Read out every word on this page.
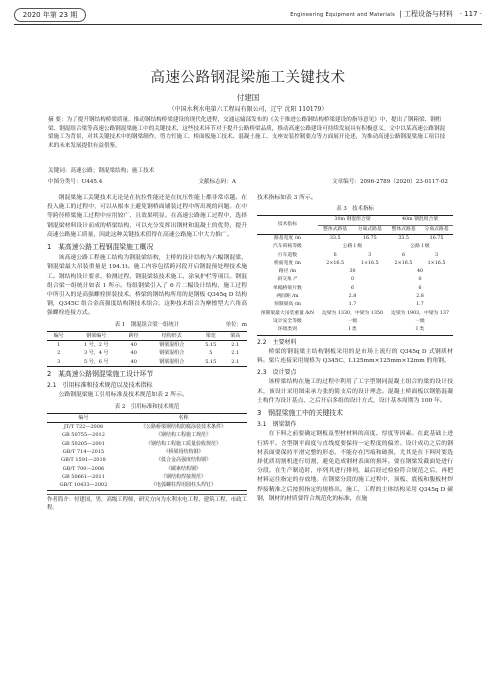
2020 年第 23 期	Engineering Equipment and Materials  | 工程设备与材料 · 117 ·
高速公路钢混梁施工关键技术
付建国
（中国水利水电第六工程局有限公司，辽宁 沈阳 110179）
摘 要：为了提升钢结构桥梁质量，推动钢结构桥梁建设的现代化进程，交通运输部发布的《关于推进公路钢结构桥梁建设的指导意见》中，提出了钢箱梁、钢桁梁、钢混组合梁等高速公路钢混梁施工中的关键技术，这些技术环节对于提升公路桥梁品质，推动高速公路建设可持续发展具有积极意义。文中以某高速公路钢混梁施工为背景，对其关键技术中的钢梁制作、剪力钉施工、桥面板施工技术、混凝土施工、支座安装控制要点等方面展开论述，为推动高速公路钢混梁施工项目技术的未来发展提供有益借鉴。
关键词：高速公路；钢混梁结构；施工技术
中图分类号：U445.4	文献标志码：A	文章编号：2096-2789（2020）23-0117-02

钢混梁施工关键技术无论是在抗拉性能还是在抗压性能上都非常卓越。在投入施工的过程中，可以从根本上避免钢桥面铺装过程中所出现的问题。在中等跨径桥梁施工过程中应用较广，且效果明显。在高速公路施工过程中，选择钢混梁材料设计而成的桥梁结构，可以充分发挥出钢材和混凝土的优势，提升高速公路施工质量，因此这种关键技术值得在高速公路施工中大力推广。

1　某高速公路工程钢混梁施工概况

该高速公路工程施工结构为钢混梁结构，主桥的设计结构为六幅钢混梁，钢混梁最大吊装重量是 194.1t。施工内容包括跨河段开启钢混预处理技术施工。钢结构设计要求、检测过程、钢混梁装技术施工、涂氧护栏等项目。钢混组合梁一组统计如表 1 所示。每组钢梁引入了 6 片二幅设计结构，施工过程中所引入的是高强螺栓拼装技术。桥梁的钢结构所用的是钢板 Q345q D 结构钢，Q345C 组合金高强度结构钢技术组合，这种技术组合为摩擦型大六角高强螺栓连接方式。

表 1　钢混组合梁一组统计	单位：m
编号	钢梁编号	跨径	结构形式	梁宽	梁高
1	1 号、2 号	40	钢梁混组合	5.15	2.1
2	3 号、4 号	40	钢梁混组合	5	2.1
3	5 号、6 号	40	钢梁混组合	5.15	2.1
2　某高速公路钢混梁施工设计环节
2.1　引用标准和技术规范以及技术指标

公路钢混梁施工引用标准及技术规范如表 2 所示。

表 2　引用标准和技术规范
编号	名称
JT/T 722—2008	《公路桥梁钢结构防腐涂装技术条件》
GB 50755—2012	《钢结构工程施工规范》
GB 50205—2001	《钢结构工程施工质量验收规范》
GB/T 714—2015	《桥梁用结构钢》
GB/T 1591—2018	《低合金高强度结构钢》
GB/T 700—2006	《碳素结构钢》
GB 50661—2011	《钢结构焊接规范》
GB/T 10433—2002	《电弧螺柱焊用圆柱头焊钉》

作者简介：付建国，男，高级工程师，研究方向为水利水电工程、建筑工程、市政工程。

技术指标如表 3 所示。

表 3　技术指标
技术指标	30m 钢混组合梁		40m 钢混组合梁	
	整体式路基	分离式路基	整体式路基	分离式路基
路基宽度 /m	33.5	16.75	33.5	16.75
汽车荷载等级	公路 I 级		公路 I 级	
行车道数	6	3	6	3
桥面宽度 /m	2×16.5	1×16.5	2×16.5	1×16.5
路径 /m	30		40	
斜交角 /°	0		0	
单幅桥梁片数	6		6	
两间距 /m	2.8		2.8	
预制梁高 /m	1.7		1.7	
预制梁最大吊装重量 /kN	边梁为 1330，中梁为 1350		边梁为 1903，中梁为 137	
设计安全等级	一级		一级	
环境类别	I 类		I 类	
2.2　主要材料

桥梁的钢混梁主结构钢板采用的是市场上流行的 Q345q D 式钢质材料。梁片连接采用规格为 Q345C、L125mm×125mm×12mm 的角钢。

2.3　设计要点

该桥梁结构在施工的过程中利用了工字型钢同混凝土组合的梁的设计技术，该设计采用图束承力张的简支后的设计理念。混凝土桥面板以钢筋混凝土构件为设计基点，之后开启多组的设计方式，设计基本周期为 100 年。

3　钢混梁施工中的关键技术
3.1　钢梁制作

在下料之前要确定钢板及型材材料的高度、厚度等因素。在此基础上进行矫平。含型钢平面度与直线度要保持一定程度的偏差。设计成功之后的钢材表面要保持平滑完整的形态，不能存在凹痕和破损，尤其是在下料时要选择优质切割机进行切割，避免造成钢材表面的损坏。要在钢梁发截面处进行分段。在生产制造时，序列其进行排列，最后经过检验符合规范之后，再把材料运往指定的存放地。在钢梁分段的施工过程中，顶板、底板和腹板材焊焊接精准之后按照指定的规格出。施工，工程的主体结构采用 Q345q D 碳钢，钢材的材质要符合规范化的标准，在施
